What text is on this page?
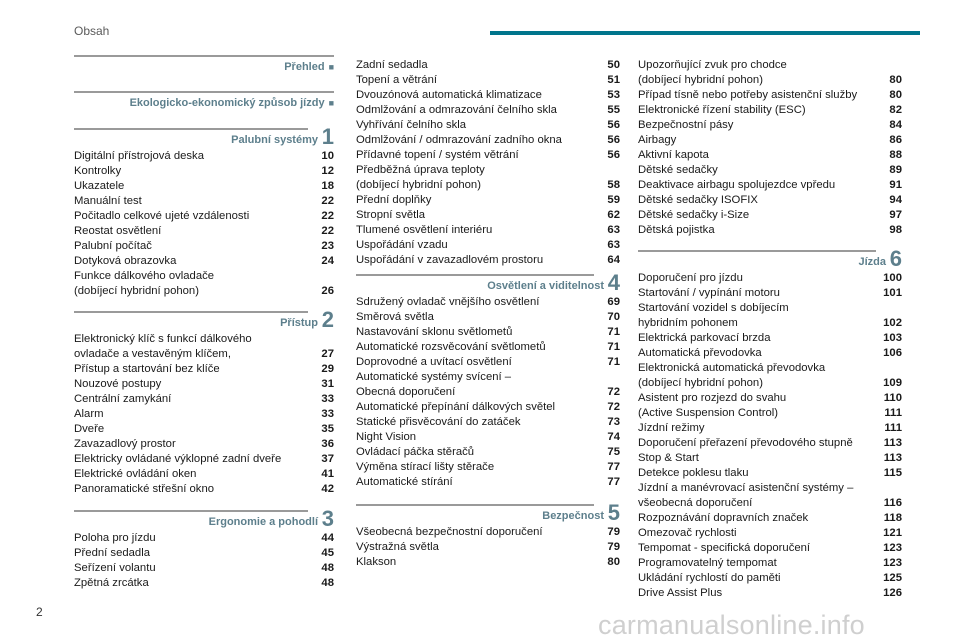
Obsah
Přehled ■
Ekologicko-ekonomický způsob jízdy ■
1
Palubní systémy
Digitální přístrojová deska	10
Kontrolky	12
Ukazatele	18
Manuální test	22
Počitadlo celkové ujeté vzdálenosti	22
Reostat osvětlení	22
Palubní počítač	23
Dotyková obrazovka	24
Funkce dálkového ovladače
(dobíjecí hybridní pohon)	26
2
Přístup
Elektronický klíč s funkcí dálkového
ovladače a vestavěným klíčem,	27
Přístup a startování bez klíče	29
Nouzové postupy	31
Centrální zamykání	33
Alarm	33
Dveře	35
Zavazadlový prostor	36
Elektricky ovládané výklopné zadní dveře	37
Elektrické ovládání oken	41
Panoramatické střešní okno	42
3
Ergonomie a pohodlí
Poloha pro jízdu	44
Přední sedadla	45
Seřízení volantu	48
Zpětná zrcátka	48
Zadní sedadla	50
Topení a větrání	51
Dvouzónová automatická klimatizace	53
Odmlžování a odmrazování čelního skla	55
Vyhřívání čelního skla	56
Odmlžování / odmrazování zadního okna	56
Přídavné topení / systém větrání	56
Předběžná úprava teploty
(dobíjecí hybridní pohon)	58
Přední doplňky	59
Stropní světla	62
Tlumené osvětlení interiéru	63
Uspořádání vzadu	63
Uspořádání v zavazadlovém prostoru	64
4
Osvětlení a viditelnost
Sdružený ovladač vnějšího osvětlení	69
Směrová světla	70
Nastavování sklonu světlometů	71
Automatické rozsvěcování světlometů	71
Doprovodné a uvítací osvětlení	71
Automatické systémy svícení –
Obecná doporučení	72
Automatické přepínání dálkových světel	72
Statické přisvěcování do zatáček	73
Night Vision	74
Ovládací páčka stěračů	75
Výměna stírací lišty stěrače	77
Automatické stírání	77
5
Bezpečnost
Všeobecná bezpečnostní doporučení	79
Výstražná světla	79
Klakson	80
Upozorňující zvuk pro chodce
(dobíjecí hybridní pohon)	80
Případ tísně nebo potřeby asistenční služby	80
Elektronické řízení stability (ESC)	82
Bezpečnostní pásy	84
Airbagy	86
Aktivní kapota	88
Dětské sedačky	89
Deaktivace airbagu spolujezdce vpředu	91
Dětské sedačky ISOFIX	94
Dětské sedačky i-Size	97
Dětská pojistka	98
6
Jízda
Doporučení pro jízdu	100
Startování / vypínání motoru	101
Startování vozidel s dobíjecím
hybridním pohonem	102
Elektrická parkovací brzda	103
Automatická převodovka	106
Elektronická automatická převodovka
(dobíjecí hybridní pohon)	109
Asistent pro rozjezd do svahu	110
(Active Suspension Control)	111
Jízdní režimy	111
Doporučení přeřazení převodového stupně	113
Stop & Start	113
Detekce poklesu tlaku	115
Jízdní a manévrovací asistenční systémy –
všeobecná doporučení	116
Rozpoznávání dopravních značek	118
Omezovač rychlosti	121
Tempomat - specifická doporučení	123
Programovatelný tempomat	123
Ukládání rychlostí do paměti	125
Drive Assist Plus	126
2	carmanualsonline.info
